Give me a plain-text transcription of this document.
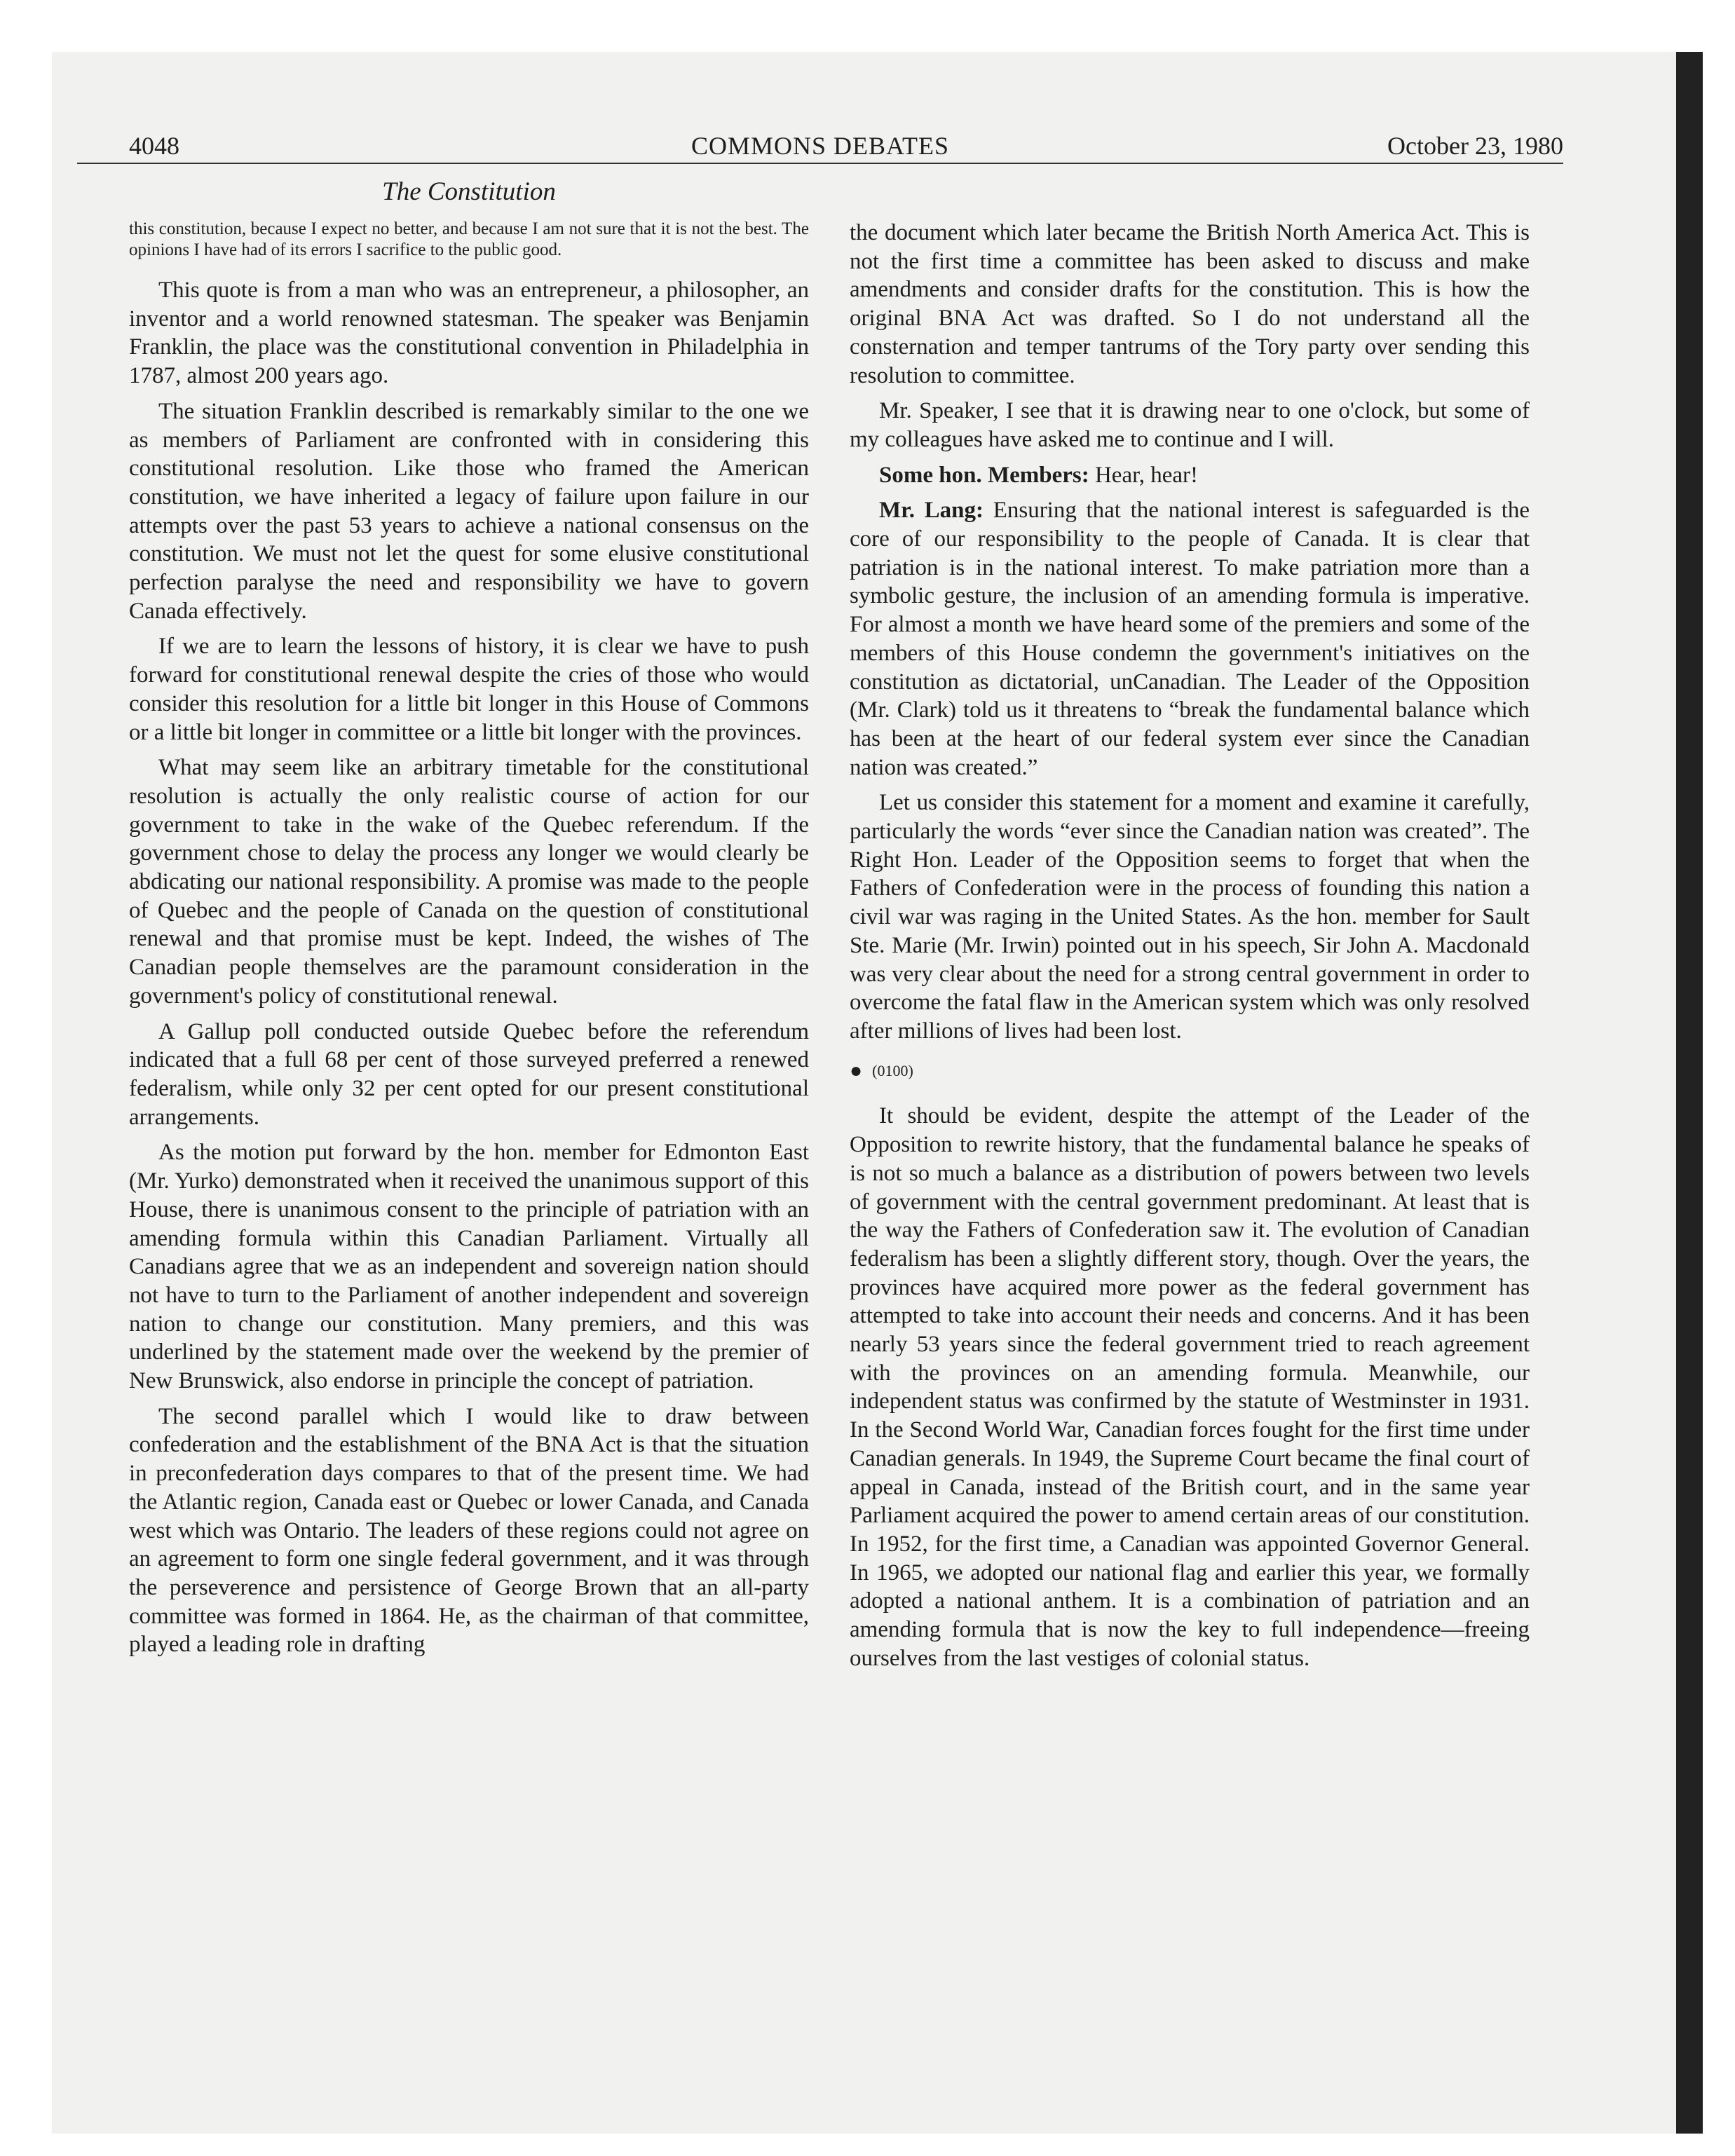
4048	COMMONS DEBATES	October 23, 1980
The Constitution

this constitution, because I expect no better, and because I am not sure that it is not the best. The opinions I have had of its errors I sacrifice to the public good.

This quote is from a man who was an entrepreneur, a philosopher, an inventor and a world renowned statesman. The speaker was Benjamin Franklin, the place was the constitutional convention in Philadelphia in 1787, almost 200 years ago.

The situation Franklin described is remarkably similar to the one we as members of Parliament are confronted with in considering this constitutional resolution. Like those who framed the American constitution, we have inherited a legacy of failure upon failure in our attempts over the past 53 years to achieve a national consensus on the constitution. We must not let the quest for some elusive constitutional perfection paralyse the need and responsibility we have to govern Canada effectively.

If we are to learn the lessons of history, it is clear we have to push forward for constitutional renewal despite the cries of those who would consider this resolution for a little bit longer in this House of Commons or a little bit longer in committee or a little bit longer with the provinces.

What may seem like an arbitrary timetable for the constitutional resolution is actually the only realistic course of action for our government to take in the wake of the Quebec referendum. If the government chose to delay the process any longer we would clearly be abdicating our national responsibility. A promise was made to the people of Quebec and the people of Canada on the question of constitutional renewal and that promise must be kept. Indeed, the wishes of The Canadian people themselves are the paramount consideration in the government's policy of constitutional renewal.

A Gallup poll conducted outside Quebec before the referendum indicated that a full 68 per cent of those surveyed preferred a renewed federalism, while only 32 per cent opted for our present constitutional arrangements.

As the motion put forward by the hon. member for Edmonton East (Mr. Yurko) demonstrated when it received the unanimous support of this House, there is unanimous consent to the principle of patriation with an amending formula within this Canadian Parliament. Virtually all Canadians agree that we as an independent and sovereign nation should not have to turn to the Parliament of another independent and sovereign nation to change our constitution. Many premiers, and this was underlined by the statement made over the weekend by the premier of New Brunswick, also endorse in principle the concept of patriation.

The second parallel which I would like to draw between confederation and the establishment of the BNA Act is that the situation in preconfederation days compares to that of the present time. We had the Atlantic region, Canada east or Quebec or lower Canada, and Canada west which was Ontario. The leaders of these regions could not agree on an agreement to form one single federal government, and it was through the perseverence and persistence of George Brown that an all-party committee was formed in 1864. He, as the chairman of that committee, played a leading role in drafting

the document which later became the British North America Act. This is not the first time a committee has been asked to discuss and make amendments and consider drafts for the constitution. This is how the original BNA Act was drafted. So I do not understand all the consternation and temper tantrums of the Tory party over sending this resolution to committee.

Mr. Speaker, I see that it is drawing near to one o'clock, but some of my colleagues have asked me to continue and I will.

Some hon. Members: Hear, hear!

Mr. Lang: Ensuring that the national interest is safeguarded is the core of our responsibility to the people of Canada. It is clear that patriation is in the national interest. To make patriation more than a symbolic gesture, the inclusion of an amending formula is imperative. For almost a month we have heard some of the premiers and some of the members of this House condemn the government's initiatives on the constitution as dictatorial, unCanadian. The Leader of the Opposition (Mr. Clark) told us it threatens to “break the fundamental balance which has been at the heart of our federal system ever since the Canadian nation was created.”

Let us consider this statement for a moment and examine it carefully, particularly the words “ever since the Canadian nation was created”. The Right Hon. Leader of the Opposition seems to forget that when the Fathers of Confederation were in the process of founding this nation a civil war was raging in the United States. As the hon. member for Sault Ste. Marie (Mr. Irwin) pointed out in his speech, Sir John A. Macdonald was very clear about the need for a strong central government in order to overcome the fatal flaw in the American system which was only resolved after millions of lives had been lost.

● (0100)

It should be evident, despite the attempt of the Leader of the Opposition to rewrite history, that the fundamental balance he speaks of is not so much a balance as a distribution of powers between two levels of government with the central government predominant. At least that is the way the Fathers of Confederation saw it. The evolution of Canadian federalism has been a slightly different story, though. Over the years, the provinces have acquired more power as the federal government has attempted to take into account their needs and concerns. And it has been nearly 53 years since the federal government tried to reach agreement with the provinces on an amending formula. Meanwhile, our independent status was confirmed by the statute of Westminster in 1931. In the Second World War, Canadian forces fought for the first time under Canadian generals. In 1949, the Supreme Court became the final court of appeal in Canada, instead of the British court, and in the same year Parliament acquired the power to amend certain areas of our constitution. In 1952, for the first time, a Canadian was appointed Governor General. In 1965, we adopted our national flag and earlier this year, we formally adopted a national anthem. It is a combination of patriation and an amending formula that is now the key to full independence—freeing ourselves from the last vestiges of colonial status.
